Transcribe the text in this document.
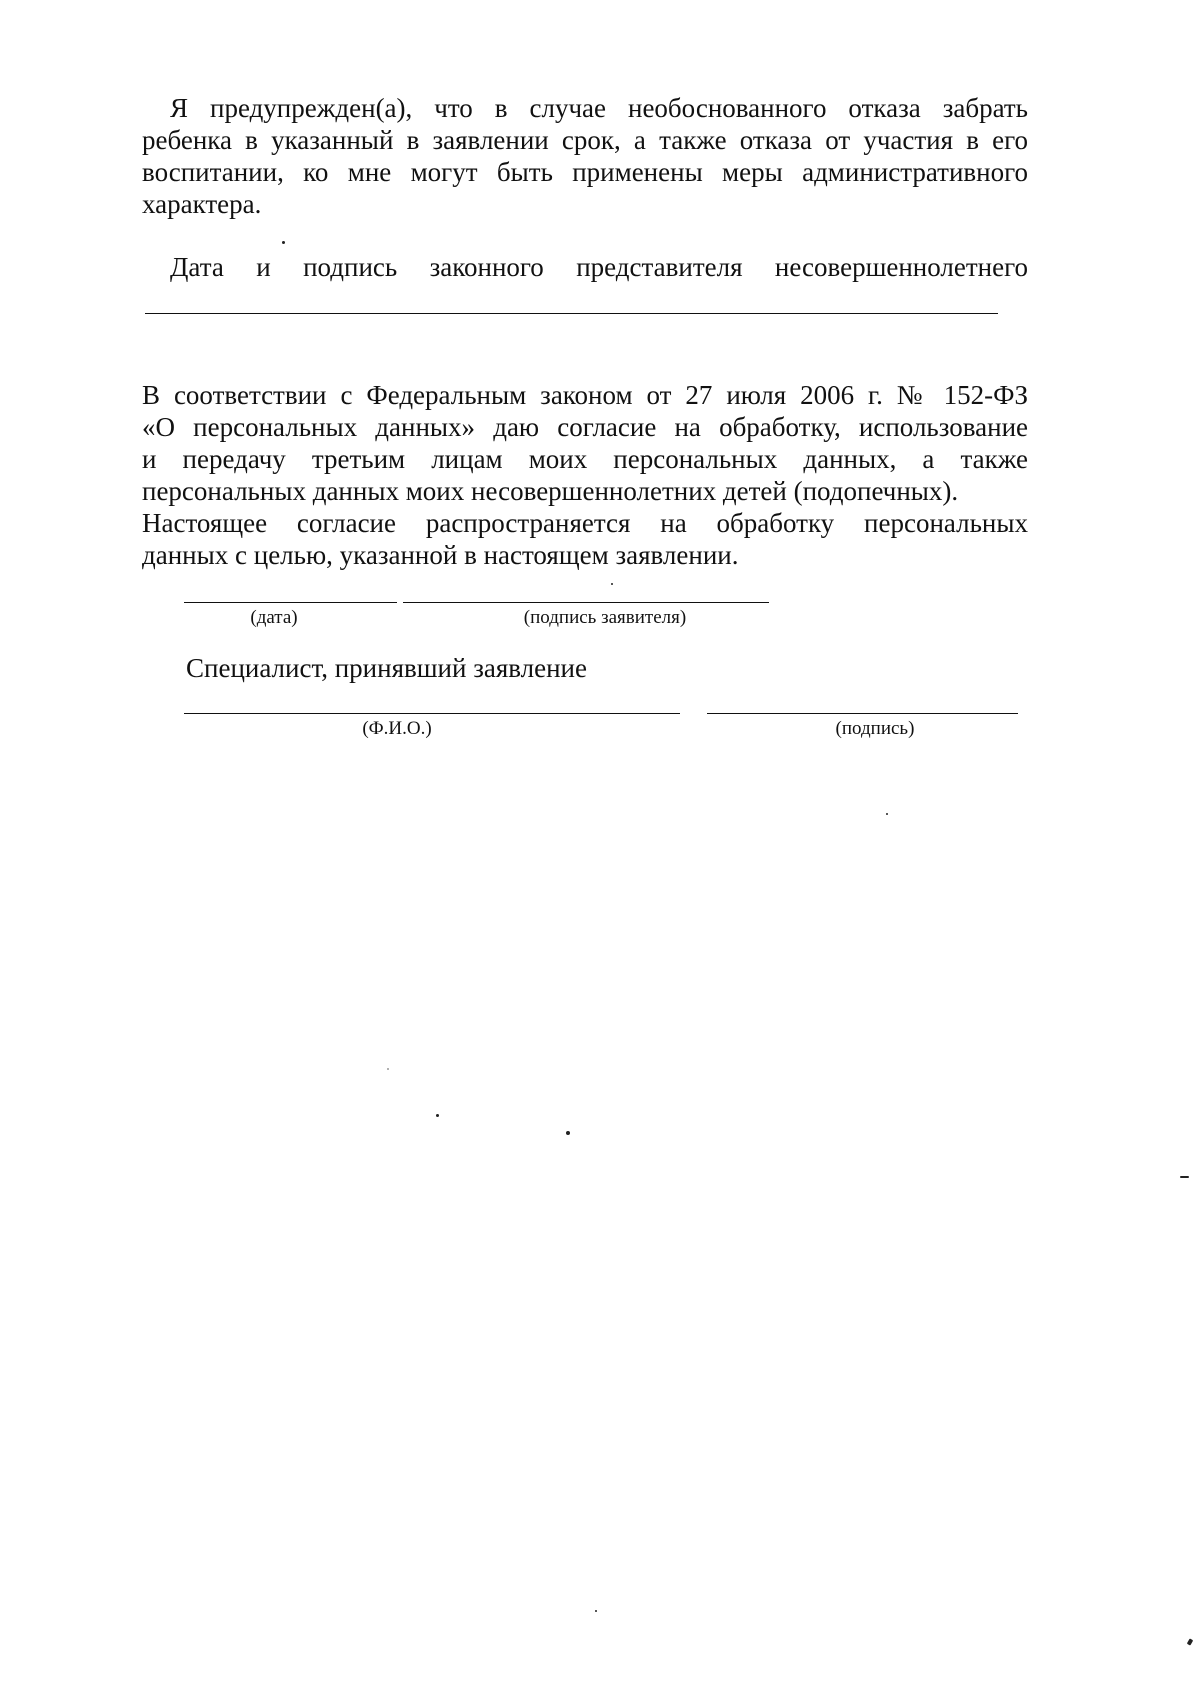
Я предупрежден(а), что в случае необоснованного отказа забрать
ребенка в указанный в заявлении срок, а также отказа от участия в его
воспитании, ко мне могут быть применены меры административного
характера.
Дата и подпись законного представителя несовершеннолетнего
В соответствии с Федеральным законом от 27 июля 2006 г. № 152-ФЗ
«О персональных данных» даю согласие на обработку, использование
и передачу третьим лицам моих персональных данных, а также
персональных данных моих несовершеннолетних детей (подопечных).
Настоящее согласие распространяется на обработку персональных
данных с целью, указанной в настоящем заявлении.
(дата)	(подпись заявителя)
Специалист, принявший заявление
(Ф.И.О.)	(подпись)
